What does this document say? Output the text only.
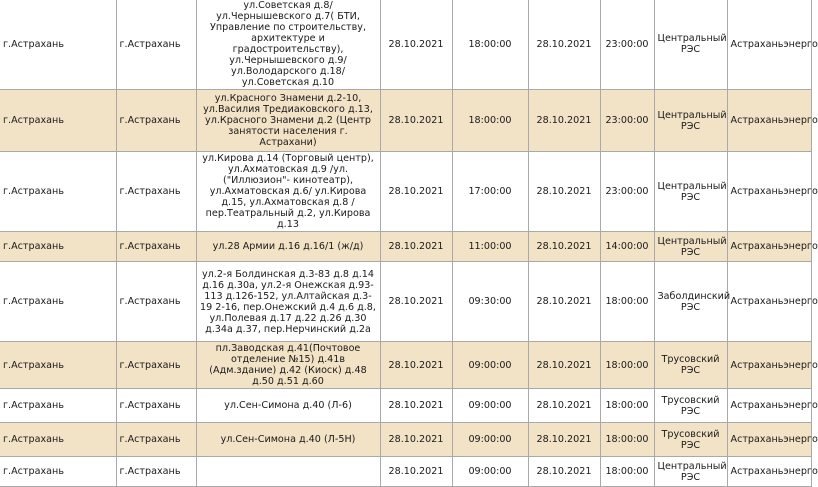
г.Астрахань	г.Астрахань	ул.Советская д.8/ ул.Чернышевского д.7( БТИ, Управление по строительству, архитектуре и градостроительству), ул.Чернышевского д.9/ ул.Володарского д.18/ ул.Советская д.10	28.10.2021	18:00:00	28.10.2021	23:00:00	Центральный РЭС	Астраханьэнерго
г.Астрахань	г.Астрахань	ул.Красного Знамени д.2-10, ул.Василия Тредиаковского д.13, ул.Красного Знамени д.2 (Центр занятости населения г. Астрахани)	28.10.2021	18:00:00	28.10.2021	23:00:00	Центральный РЭС	Астраханьэнерго
г.Астрахань	г.Астрахань	ул.Кирова д.14 (Торговый центр), ул.Ахматовская д.9 /ул. ("Иллюзион"- кинотеатр), ул.Ахматовская д.6/ ул.Кирова д.15, ул.Ахматовская д.8 / пер.Театральный д.2, ул.Кирова д.13	28.10.2021	17:00:00	28.10.2021	23:00:00	Центральный РЭС	Астраханьэнерго
г.Астрахань	г.Астрахань	ул.28 Армии д.16 д.16/1 (ж/д)	28.10.2021	11:00:00	28.10.2021	14:00:00	Центральный РЭС	Астраханьэнерго
г.Астрахань	г.Астрахань	ул.2-я Болдинская д.3-83 д.8 д.14 д.16 д.30а, ул.2-я Онежская д.93-113 д.126-152, ул.Алтайская д.3-19 2-16, пер.Онежский д.4 д.6 д.8, ул.Полевая д.17 д.22 д.26 д.30 д.34а д.37, пер.Нерчинский д.2а	28.10.2021	09:30:00	28.10.2021	18:00:00	Заболдинский РЭС	Астраханьэнерго
г.Астрахань	г.Астрахань	пл.Заводская д.41(Почтовое отделение №15) д.41в (Адм.здание) д.42 (Киоск) д.48 д.50 д.51 д.60	28.10.2021	09:00:00	28.10.2021	18:00:00	Трусовский РЭС	Астраханьэнерго
г.Астрахань	г.Астрахань	ул.Сен-Симона д.40 (Л-6)	28.10.2021	09:00:00	28.10.2021	18:00:00	Трусовский РЭС	Астраханьэнерго
г.Астрахань	г.Астрахань	ул.Сен-Симона д.40 (Л-5Н)	28.10.2021	09:00:00	28.10.2021	18:00:00	Трусовский РЭС	Астраханьэнерго
г.Астрахань	г.Астрахань		28.10.2021	09:00:00	28.10.2021	18:00:00	Центральный РЭС	Астраханьэнерго
